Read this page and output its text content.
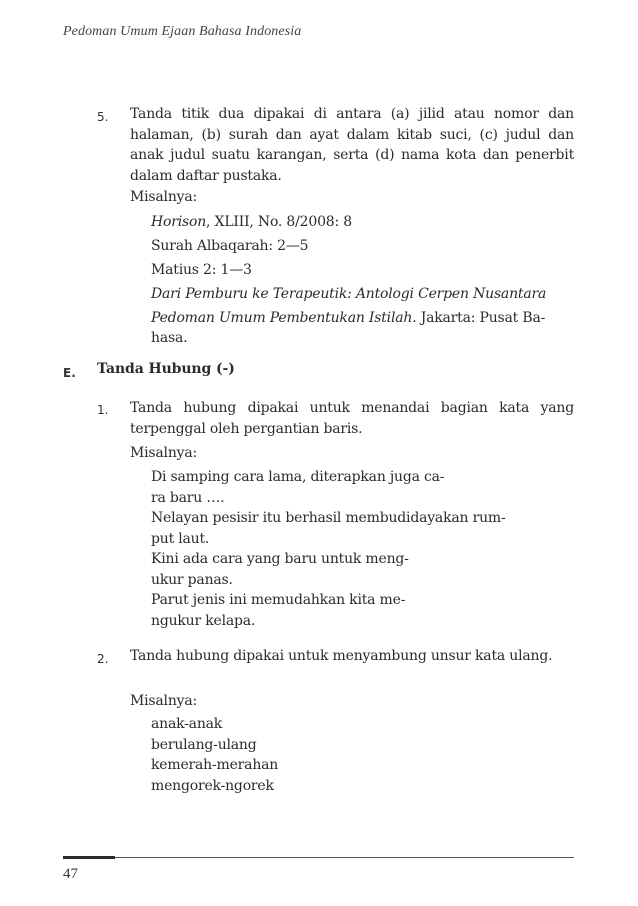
Pedoman Umum Ejaan Bahasa Indonesia
5. Tanda titik dua dipakai di antara (a) jilid atau nomor dan halaman, (b) surah dan ayat dalam kitab suci, (c) judul dan anak judul suatu karangan, serta (d) nama kota dan penerbit dalam daftar pustaka.
Misalnya:
Horison, XLIII, No. 8/2008: 8
Surah Albaqarah: 2—5
Matius 2: 1—3
Dari Pemburu ke Terapeutik: Antologi Cerpen Nusantara
Pedoman Umum Pembentukan Istilah. Jakarta: Pusat Ba-
hasa.
E. Tanda Hubung (-)
1. Tanda hubung dipakai untuk menandai bagian kata yang terpenggal oleh pergantian baris.
Misalnya:
Di samping cara lama, diterapkan juga ca-
ra baru ….
Nelayan pesisir itu berhasil membudidayakan rum-
put laut.
Kini ada cara yang baru untuk meng-
ukur panas.
Parut jenis ini memudahkan kita me-
ngukur kelapa.
2. Tanda hubung dipakai untuk menyambung unsur kata ulang.
Misalnya:
anak-anak
berulang-ulang
kemerah-merahan
mengorek-ngorek
47
